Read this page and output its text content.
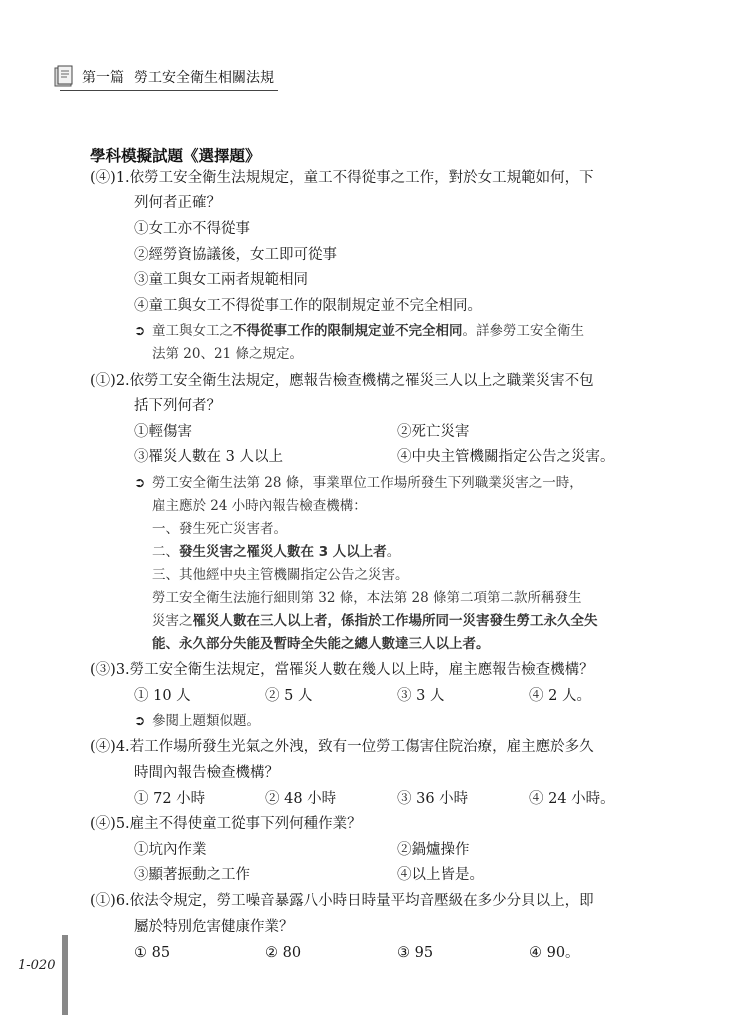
第一篇 勞工安全衛生相關法規
學科模擬試題《選擇題》
(④)1.依勞工安全衛生法規規定，童工不得從事之工作，對於女工規範如何，下
列何者正確？
①女工亦不得從事
②經勞資協議後，女工即可從事
③童工與女工兩者規範相同
④童工與女工不得從事工作的限制規定並不完全相同。
➲ 童工與女工之不得從事工作的限制規定並不完全相同。詳參勞工安全衛生
法第 20、21 條之規定。
(①)2.依勞工安全衛生法規定，應報告檢查機構之罹災三人以上之職業災害不包
括下列何者？
①輕傷害	②死亡災害
③罹災人數在 3 人以上	④中央主管機關指定公告之災害。
➲ 勞工安全衛生法第 28 條，事業單位工作場所發生下列職業災害之一時，
雇主應於 24 小時內報告檢查機構：
一、發生死亡災害者。
二、發生災害之罹災人數在 3 人以上者。
三、其他經中央主管機關指定公告之災害。
勞工安全衛生法施行細則第 32 條，本法第 28 條第二項第二款所稱發生
災害之罹災人數在三人以上者，係指於工作場所同一災害發生勞工永久全失
能、永久部分失能及暫時全失能之總人數達三人以上者。
(③)3.勞工安全衛生法規定，當罹災人數在幾人以上時，雇主應報告檢查機構？
① 10 人	② 5 人	③ 3 人	④ 2 人。
➲ 參閱上題類似題。
(④)4.若工作場所發生光氣之外洩，致有一位勞工傷害住院治療，雇主應於多久
時間內報告檢查機構？
① 72 小時	② 48 小時	③ 36 小時	④ 24 小時。
(④)5.雇主不得使童工從事下列何種作業？
①坑內作業	②鍋爐操作
③顯著振動之工作	④以上皆是。
(①)6.依法令規定，勞工噪音暴露八小時日時量平均音壓級在多少分貝以上，即
屬於特別危害健康作業？
① 85	② 80	③ 95	④ 90。
1-020
